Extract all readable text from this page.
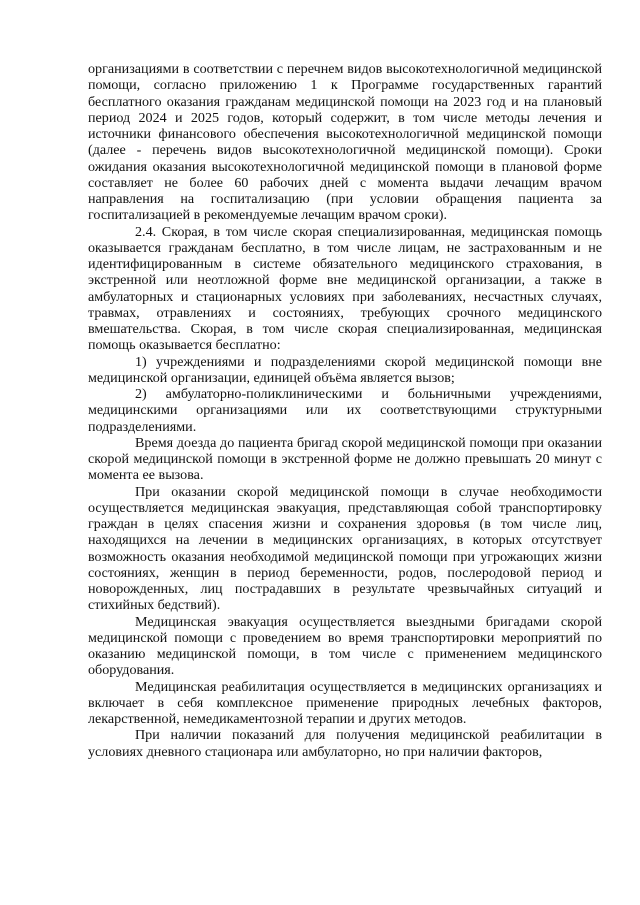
организациями в соответствии с перечнем видов высокотехнологичной медицинской помощи, согласно приложению 1 к Программе государственных гарантий бесплатного оказания гражданам медицинской помощи на 2023 год и на плановый период 2024 и 2025 годов, который содержит, в том числе методы лечения и источники финансового обеспечения высокотехнологичной медицинской помощи (далее - перечень видов высокотехнологичной медицинской помощи). Сроки ожидания оказания высокотехнологичной медицинской помощи в плановой форме составляет не более 60 рабочих дней с момента выдачи лечащим врачом направления на госпитализацию (при условии обращения пациента за госпитализацией в рекомендуемые лечащим врачом сроки).

2.4. Скорая, в том числе скорая специализированная, медицинская помощь оказывается гражданам бесплатно, в том числе лицам, не застрахованным и не идентифицированным в системе обязательного медицинского страхования, в экстренной или неотложной форме вне медицинской организации, а также в амбулаторных и стационарных условиях при заболеваниях, несчастных случаях, травмах, отравлениях и состояниях, требующих срочного медицинского вмешательства. Скорая, в том числе скорая специализированная, медицинская помощь оказывается бесплатно:

1) учреждениями и подразделениями скорой медицинской помощи вне медицинской организации, единицей объёма является вызов;

2) амбулаторно-поликлиническими и больничными учреждениями, медицинскими организациями или их соответствующими структурными подразделениями.

Время доезда до пациента бригад скорой медицинской помощи при оказании скорой медицинской помощи в экстренной форме не должно превышать 20 минут с момента ее вызова.

При оказании скорой медицинской помощи в случае необходимости осуществляется медицинская эвакуация, представляющая собой транспортировку граждан в целях спасения жизни и сохранения здоровья (в том числе лиц, находящихся на лечении в медицинских организациях, в которых отсутствует возможность оказания необходимой медицинской помощи при угрожающих жизни состояниях, женщин в период беременности, родов, послеродовой период и новорожденных, лиц пострадавших в результате чрезвычайных ситуаций и стихийных бедствий).

Медицинская эвакуация осуществляется выездными бригадами скорой медицинской помощи с проведением во время транспортировки мероприятий по оказанию медицинской помощи, в том числе с применением медицинского оборудования.

Медицинская реабилитация осуществляется в медицинских организациях и включает в себя комплексное применение природных лечебных факторов, лекарственной, немедикаментозной терапии и других методов.

При наличии показаний для получения медицинской реабилитации в условиях дневного стационара или амбулаторно, но при наличии факторов,
